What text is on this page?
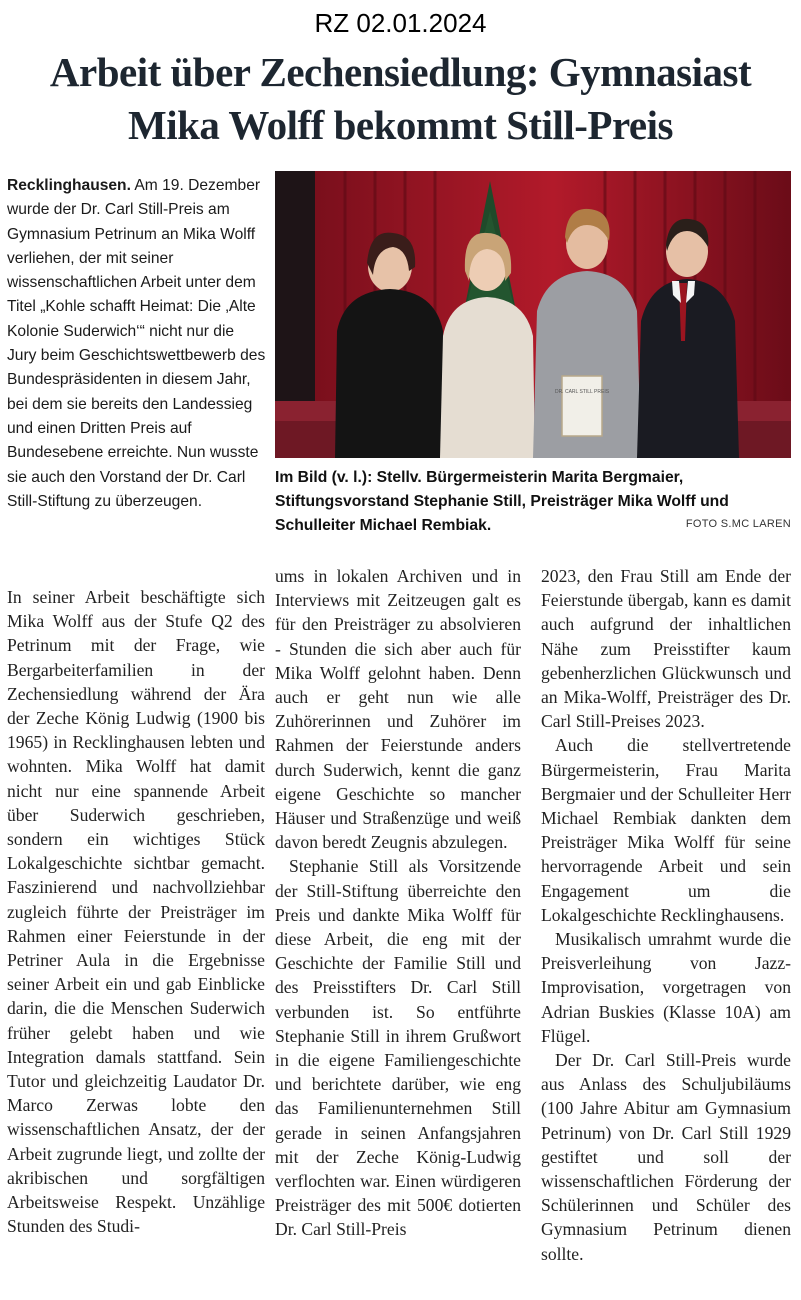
RZ 02.01.2024
Arbeit über Zechensiedlung: Gymnasiast
Mika Wolff bekommt Still-Preis

Recklinghausen. Am 19. Dezember wurde der Dr. Carl Still-Preis am Gymnasium Petrinum an Mika Wolff verliehen, der mit seiner wissenschaftlichen Arbeit unter dem Titel „Kohle schafft Heimat: Die ‚Alte Kolonie Suderwich‘“ nicht nur die Jury beim Geschichtswettbewerb des Bundespräsidenten in diesem Jahr, bei dem sie bereits den Landessieg und einen Dritten Preis auf Bundesebene erreichte. Nun wusste sie auch den Vorstand der Dr. Carl Still-Stiftung zu überzeugen.

DR. CARL STILL PREIS
Im Bild (v. l.): Stellv. Bürgermeisterin Marita Bergmaier, Stiftungsvorstand Stephanie Still, Preisträger Mika Wolff und Schulleiter Michael Rembiak.	FOTO S.MC LAREN

In seiner Arbeit beschäftigte sich Mika Wolff aus der Stufe Q2 des Petrinum mit der Frage, wie Bergarbeiterfamilien in der Zechensiedlung während der Ära der Zeche König Ludwig (1900 bis 1965) in Recklinghausen lebten und wohnten. Mika Wolff hat damit nicht nur eine spannende Arbeit über Suderwich geschrieben, sondern ein wichtiges Stück Lokalgeschichte sichtbar gemacht. Faszinierend und nachvollziehbar zugleich führte der Preisträger im Rahmen einer Feierstunde in der Petriner Aula in die Ergebnisse seiner Arbeit ein und gab Einblicke darin, die die Menschen Suderwich früher gelebt haben und wie Integration damals stattfand. Sein Tutor und gleichzeitig Laudator Dr. Marco Zerwas lobte den wissenschaftlichen Ansatz, der der Arbeit zugrunde liegt, und zollte der akribischen und sorgfältigen Arbeitsweise Respekt. Unzählige Stunden des Studi-

ums in lokalen Archiven und in Interviews mit Zeitzeugen galt es für den Preisträger zu absolvieren - Stunden die sich aber auch für Mika Wolff gelohnt haben. Denn auch er geht nun wie alle Zuhörerinnen und Zuhörer im Rahmen der Feierstunde anders durch Suderwich, kennt die ganz eigene Geschichte so mancher Häuser und Straßenzüge und weiß davon beredt Zeugnis abzulegen.

Stephanie Still als Vorsitzende der Still-Stiftung überreichte den Preis und dankte Mika Wolff für diese Arbeit, die eng mit der Geschichte der Familie Still und des Preisstifters Dr. Carl Still verbunden ist. So entführte Stephanie Still in ihrem Grußwort in die eigene Familiengeschichte und berichtete darüber, wie eng das Familienunternehmen Still gerade in seinen Anfangsjahren mit der Zeche König-Ludwig verflochten war. Einen würdigeren Preisträger des mit 500€ dotierten Dr. Carl Still-Preis

2023, den Frau Still am Ende der Feierstunde übergab, kann es damit auch aufgrund der inhaltlichen Nähe zum Preisstifter kaum gebenherzlichen Glückwunsch und an Mika-Wolff, Preisträger des Dr. Carl Still-Preises 2023.

Auch die stellvertretende Bürgermeisterin, Frau Marita Bergmaier und der Schulleiter Herr Michael Rembiak dankten dem Preisträger Mika Wolff für seine hervorragende Arbeit und sein Engagement um die Lokalgeschichte Recklinghausens.

Musikalisch umrahmt wurde die Preisverleihung von Jazz-Improvisation, vorgetragen von Adrian Buskies (Klasse 10A) am Flügel.

Der Dr. Carl Still-Preis wurde aus Anlass des Schuljubiläums (100 Jahre Abitur am Gymnasium Petrinum) von Dr. Carl Still 1929 gestiftet und soll der wissenschaftlichen Förderung der Schülerinnen und Schüler des Gymnasium Petrinum dienen sollte.
